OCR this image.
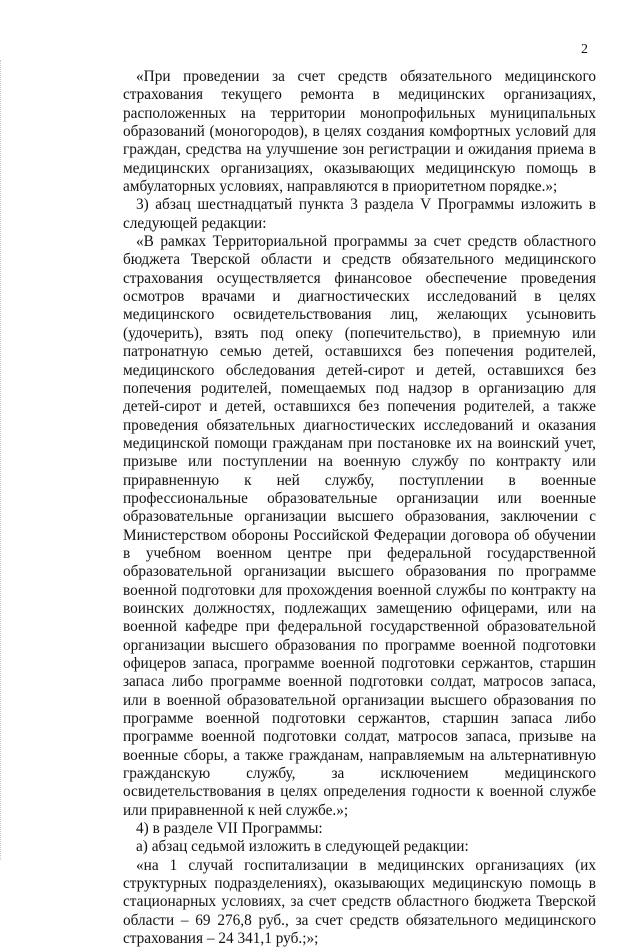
2

«При проведении за счет средств обязательного медицинского страхования текущего ремонта в медицинских организациях, расположенных на территории монопрофильных муниципальных образований (моногородов), в целях создания комфортных условий для граждан, средства на улучшение зон регистрации и ожидания приема в медицинских организациях, оказывающих медицинскую помощь в амбулаторных условиях, направляются в приоритетном порядке.»;

3) абзац шестнадцатый пункта 3 раздела V Программы изложить в следующей редакции:

«В рамках Территориальной программы за счет средств областного бюджета Тверской области и средств обязательного медицинского страхования осуществляется финансовое обеспечение проведения осмотров врачами и диагностических исследований в целях медицинского освидетельствования лиц, желающих усыновить (удочерить), взять под опеку (попечительство), в приемную или патронатную семью детей, оставшихся без попечения родителей, медицинского обследования детей-сирот и детей, оставшихся без попечения родителей, помещаемых под надзор в организацию для детей-сирот и детей, оставшихся без попечения родителей, а также проведения обязательных диагностических исследований и оказания медицинской помощи гражданам при постановке их на воинский учет, призыве или поступлении на военную службу по контракту или приравненную к ней службу, поступлении в военные профессиональные образовательные организации или военные образовательные организации высшего образования, заключении с Министерством обороны Российской Федерации договора об обучении в учебном военном центре при федеральной государственной образовательной организации высшего образования по программе военной подготовки для прохождения военной службы по контракту на воинских должностях, подлежащих замещению офицерами, или на военной кафедре при федеральной государственной образовательной организации высшего образования по программе военной подготовки офицеров запаса, программе военной подготовки сержантов, старшин запаса либо программе военной подготовки солдат, матросов запаса, или в военной образовательной организации высшего образования по программе военной подготовки сержантов, старшин запаса либо программе военной подготовки солдат, матросов запаса, призыве на военные сборы, а также гражданам, направляемым на альтернативную гражданскую службу, за исключением медицинского освидетельствования в целях определения годности к военной службе или приравненной к ней службе.»;

4) в разделе VII Программы:

а) абзац седьмой изложить в следующей редакции:

«на 1 случай госпитализации в медицинских организациях (их структурных подразделениях), оказывающих медицинскую помощь в стационарных условиях, за счет средств областного бюджета Тверской области – 69 276,8 руб., за счет средств обязательного медицинского страхования – 24 341,1 руб.;»;
